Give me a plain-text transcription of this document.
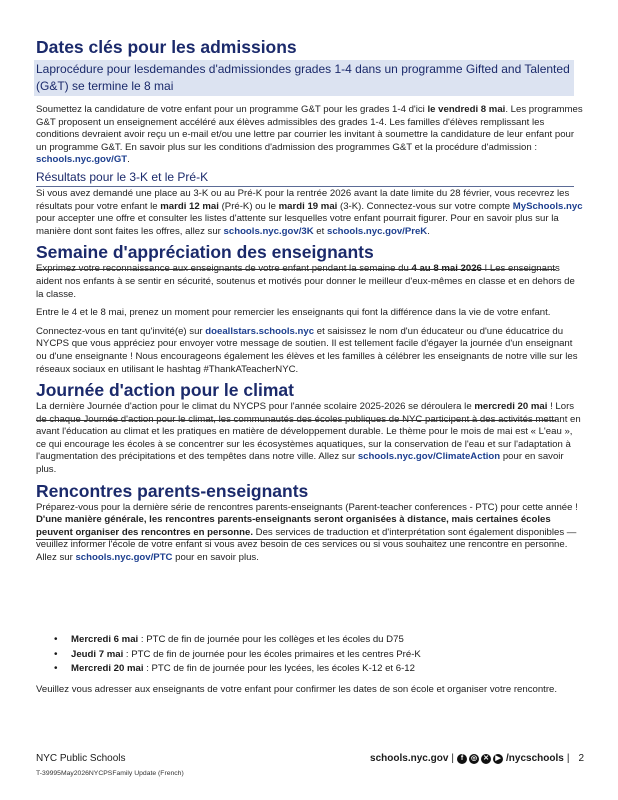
Dates clés pour les admissions
Laprocédure pour lesdemandes d'admissiondes grades 1-4 dans un programme Gifted and Talented (G&T) se termine le 8 mai

Soumettez la candidature de votre enfant pour un programme G&T pour les grades 1-4 d'ici le vendredi 8 mai. Les programmes G&T proposent un enseignement accéléré aux élèves admissibles des grades 1-4. Les familles d'élèves remplissant les conditions devraient avoir reçu un e-mail et/ou une lettre par courrier les invitant à soumettre la candidature de leur enfant pour un programme G&T. En savoir plus sur les conditions d'admission des programmes G&T et la procédure d'admission : schools.nyc.gov/GT.

Résultats pour le 3-K et le Pré-K

Si vous avez demandé une place au 3-K ou au Pré-K pour la rentrée 2026 avant la date limite du 28 février, vous recevrez les résultats pour votre enfant le mardi 12 mai (Pré-K) ou le mardi 19 mai (3-K). Connectez-vous sur votre compte MySchools.nyc pour accepter une offre et consulter les listes d'attente sur lesquelles votre enfant pourrait figurer. Pour en savoir plus sur la manière dont sont faites les offres, allez sur schools.nyc.gov/3K et schools.nyc.gov/PreK.

Semaine d'appréciation des enseignants

Exprimez votre reconnaissance aux enseignants de votre enfant pendant la semaine du 4 au 8 mai 2026 ! Les enseignants aident nos enfants à se sentir en sécurité, soutenus et motivés pour donner le meilleur d'eux-mêmes en classe et en dehors de la classe.

Entre le 4 et le 8 mai, prenez un moment pour remercier les enseignants qui font la différence dans la vie de votre enfant.

Connectez-vous en tant qu'invité(e) sur doeallstars.schools.nyc et saisissez le nom d'un éducateur ou d'une éducatrice du NYCPS que vous appréciez pour envoyer votre message de soutien. Il est tellement facile d'égayer la journée d'un enseignant ou d'une enseignante ! Nous encourageons également les élèves et les familles à célébrer les enseignants de notre ville sur les réseaux sociaux en utilisant le hashtag #ThankATeacherNYC.

Journée d'action pour le climat

La dernière Journée d'action pour le climat du NYCPS pour l'année scolaire 2025-2026 se déroulera le mercredi 20 mai ! Lors de chaque Journée d'action pour le climat, les communautés des écoles publiques de NYC participent à des activités mettant en avant l'éducation au climat et les pratiques en matière de développement durable. Le thème pour le mois de mai est « L'eau », ce qui encourage les écoles à se concentrer sur les écosystèmes aquatiques, sur la conservation de l'eau et sur l'adaptation à l'augmentation des précipitations et des tempêtes dans notre ville. Allez sur schools.nyc.gov/ClimateAction pour en savoir plus.

Rencontres parents-enseignants

Préparez-vous pour la dernière série de rencontres parents-enseignants (Parent-teacher conferences - PTC) pour cette année ! D'une manière générale, les rencontres parents-enseignants seront organisées à distance, mais certaines écoles peuvent organiser des rencontres en personne. Des services de traduction et d'interprétation sont également disponibles — veuillez informer l'école de votre enfant si vous avez besoin de ces services ou si vous souhaitez une rencontre en personne. Allez sur schools.nyc.gov/PTC pour en savoir plus.

• Mercredi 6 mai : PTC de fin de journée pour les collèges et les écoles du D75
• Jeudi 7 mai : PTC de fin de journée pour les écoles primaires et les centres Pré-K
• Mercredi 20 mai : PTC de fin de journée pour les lycées, les écoles K-12 et 6-12

Veuillez vous adresser aux enseignants de votre enfant pour confirmer les dates de son école et organiser votre rencontre.

NYC Public Schools
T-39995May2026NYCPSFamily Update (French)
schools.nyc.gov | f	◎ ✕ ▶ /nycschools | 2
